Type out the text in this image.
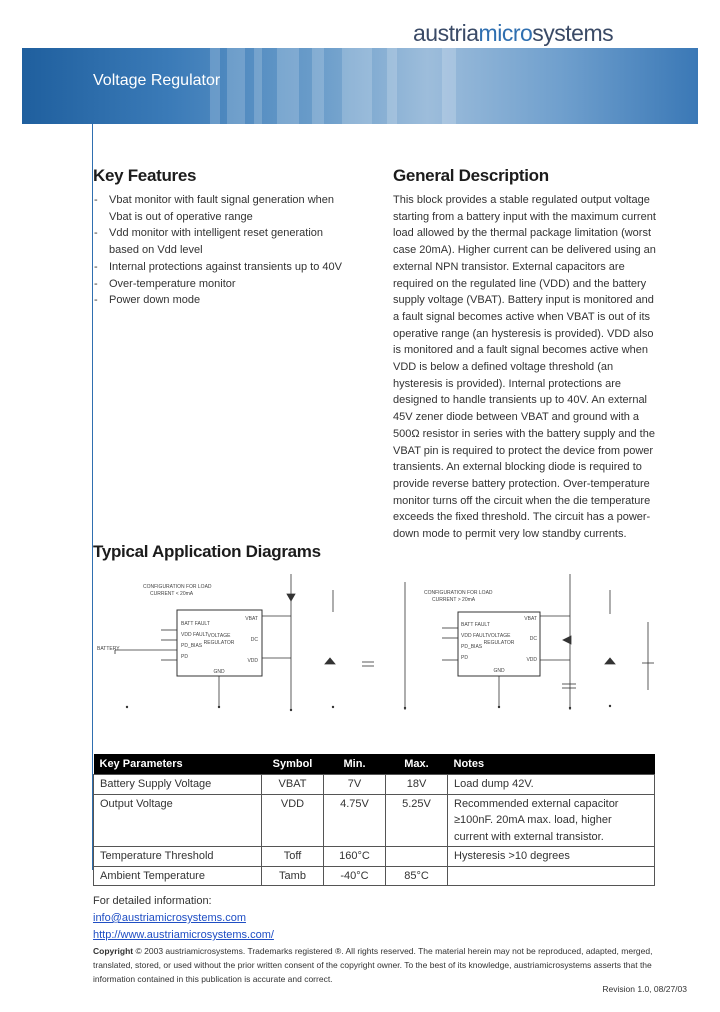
austriamicrosystems
Voltage Regulator
Key Features
- Vbat monitor with fault signal generation when Vbat is out of operative range
- Vdd monitor with intelligent reset generation based on Vdd level
- Internal protections against transients up to 40V
- Over-temperature monitor
- Power down mode
General Description

This block provides a stable regulated output voltage starting from a battery input with the maximum current load allowed by the thermal package limitation (worst case 20mA). Higher current can be delivered using an external NPN transistor. External capacitors are required on the regulated line (VDD) and the battery supply voltage (VBAT). Battery input is monitored and a fault signal becomes active when VBAT is out of its operative range (an hysteresis is provided). VDD also is monitored and a fault signal becomes active when VDD is below a defined voltage threshold (an hysteresis is provided). Internal protections are designed to handle transients up to 40V. An external 45V zener diode between VBAT and ground with a 500Ω resistor in series with the battery supply and the VBAT pin is required to protect the device from power transients. An external blocking diode is required to provide reverse battery protection. Over-temperature monitor turns off the circuit when the die temperature exceeds the fixed threshold. The circuit has a power-down mode to permit very low standby currents.

Typical Application Diagrams
CONFIGURATION FOR LOAD
CURRENT < 20mA
VOLTAGE
REGULATOR
BATT FAULT
VDD FAULT
PD_BIAS
PD
VBAT
DC
VDD
GND
BATTERY
CONFIGURATION FOR LOAD
CURRENT > 20mA
VOLTAGE
REGULATOR
BATT FAULT
VDD FAULT
PD_BIAS
PD
VBAT
DC
VDD
GND
Key Parameters	Symbol	Min.	Max.	Notes
Battery Supply Voltage	VBAT	7V	18V	Load dump 42V.
Output Voltage	VDD	4.75V	5.25V	Recommended external capacitor ≥100nF. 20mA max. load, higher current with external transistor.
Temperature Threshold	Toff	160°C		Hysteresis >10 degrees
Ambient Temperature	Tamb	-40°C	85°C	
For detailed information:
info@austriamicrosystems.com
http://www.austriamicrosystems.com/

Copyright © 2003 austriamicrosystems. Trademarks registered ®. All rights reserved. The material herein may not be reproduced, adapted, merged, translated, stored, or used without the prior written consent of the copyright owner. To the best of its knowledge, austriamicrosystems asserts that the information contained in this publication is accurate and correct.

Revision 1.0, 08/27/03
